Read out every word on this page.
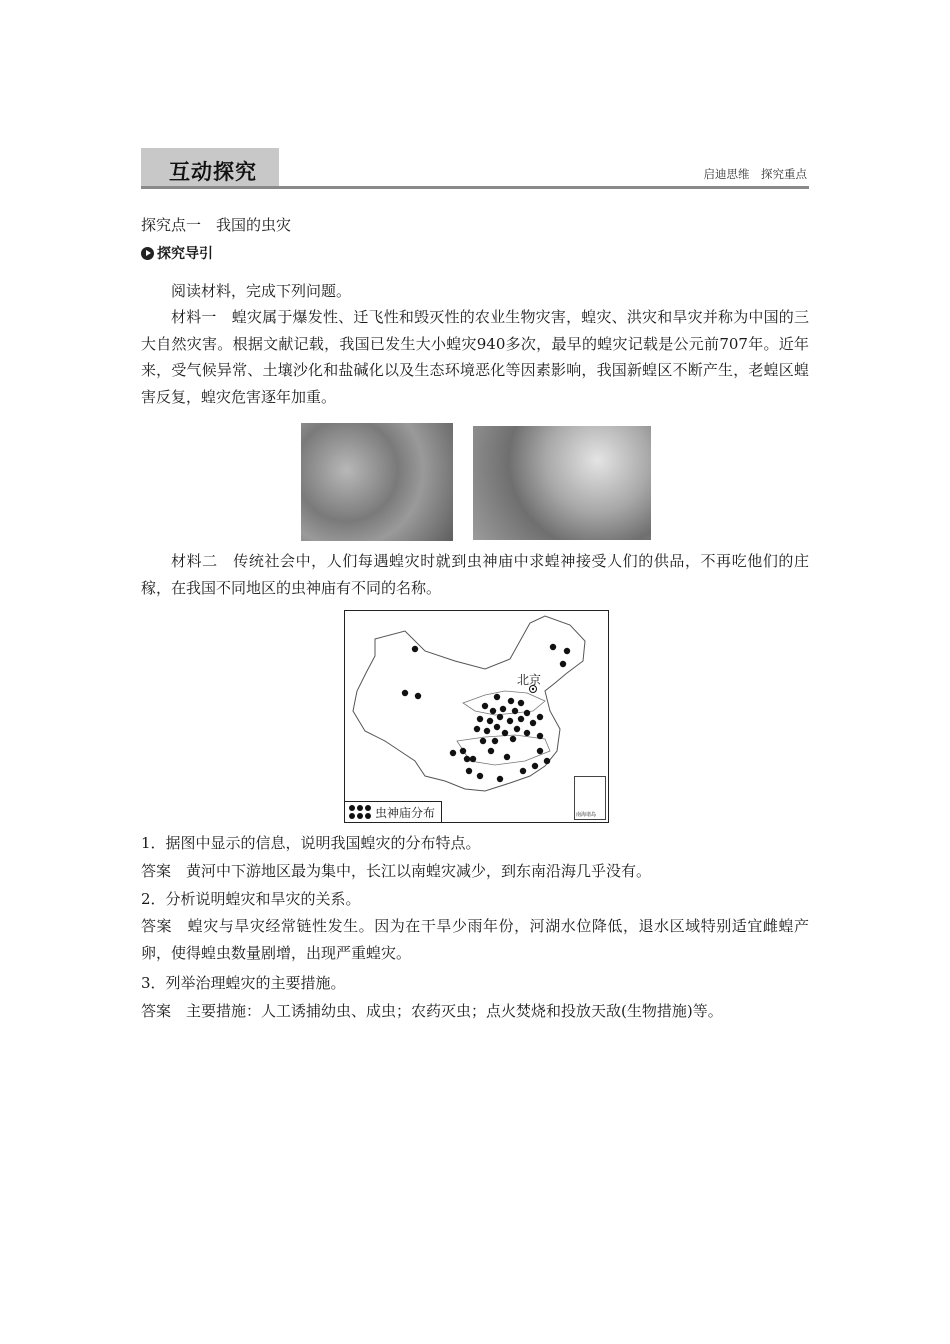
互动探究	启迪思维　探究重点
探究点一　我国的虫灾
探究导引
阅读材料，完成下列问题。
材料一　蝗灾属于爆发性、迁飞性和毁灭性的农业生物灾害，蝗灾、洪灾和旱灾并称为中国的三大自然灾害。根据文献记载，我国已发生大小蝗灾940多次，最早的蝗灾记载是公元前707年。近年来，受气候异常、土壤沙化和盐碱化以及生态环境恶化等因素影响，我国新蝗区不断产生，老蝗区蝗害反复，蝗灾危害逐年加重。
材料二　传统社会中，人们每遇蝗灾时就到虫神庙中求蝗神接受人们的供品，不再吃他们的庄稼，在我国不同地区的虫神庙有不同的名称。
北京
虫神庙分布	南海诸岛
1．据图中显示的信息，说明我国蝗灾的分布特点。
答案　黄河中下游地区最为集中，长江以南蝗灾减少，到东南沿海几乎没有。
2．分析说明蝗灾和旱灾的关系。
答案　蝗灾与旱灾经常链性发生。因为在干旱少雨年份，河湖水位降低，退水区域特别适宜雌蝗产卵，使得蝗虫数量剧增，出现严重蝗灾。
3．列举治理蝗灾的主要措施。
答案　主要措施：人工诱捕幼虫、成虫；农药灭虫；点火焚烧和投放天敌(生物措施)等。
